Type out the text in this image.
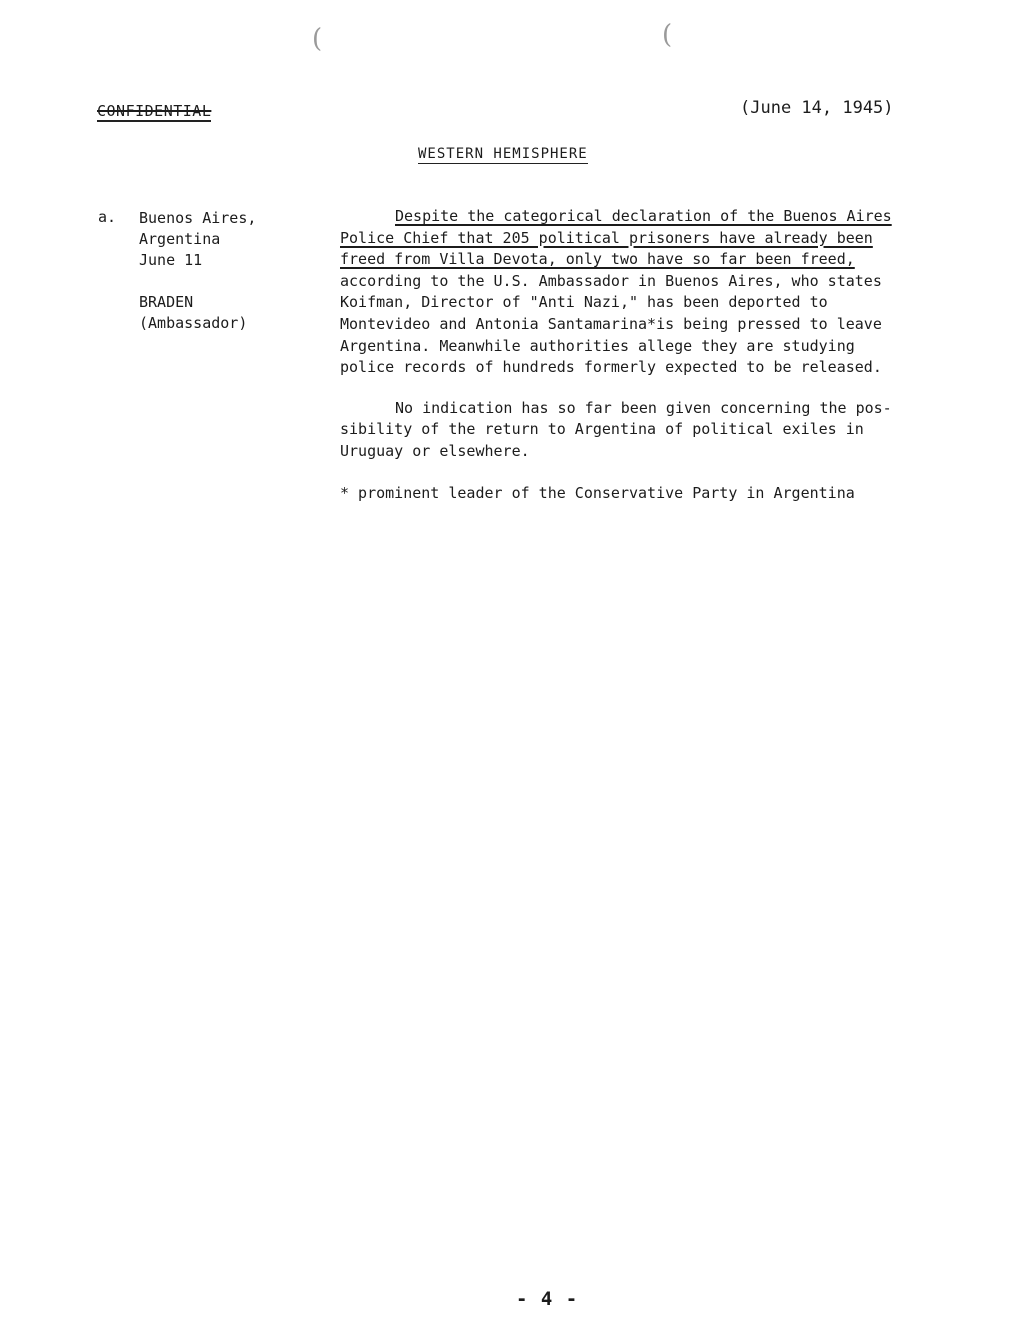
(	(
CONFIDENTIAL	(June 14, 1945)
WESTERN HEMISPHERE
a. Buenos Aires,
Argentina
June 11
BRADEN
(Ambassador)

Despite the categorical declaration of the Buenos Aires
Police Chief that 205 political prisoners have already been
freed from Villa Devota, only two have so far been freed,
according to the U.S. Ambassador in Buenos Aires, who states
Koifman, Director of "Anti Nazi," has been deported to
Montevideo and Antonia Santamarina*is being pressed to leave
Argentina. Meanwhile authorities allege they are studying
police records of hundreds formerly expected to be released.

No indication has so far been given concerning the pos-
sibility of the return to Argentina of political exiles in
Uruguay or elsewhere.

* prominent leader of the Conservative Party in Argentina
- 4 -
